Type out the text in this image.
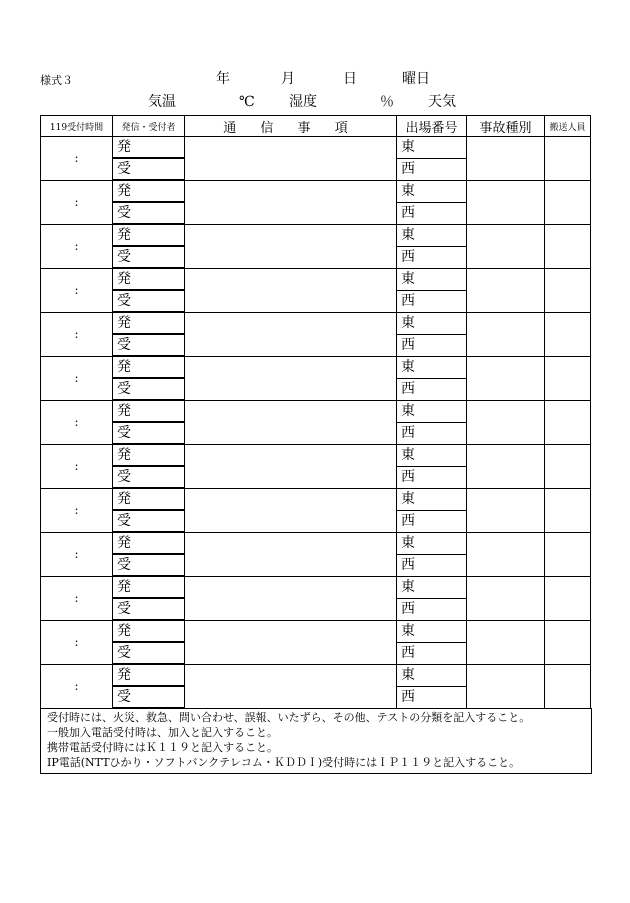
様式３	年	月	日	曜日
気温	℃ 湿度	％ 天気
119受付時間	発信・受付者	通 信 事 項	出場番号	事故種別	搬送人員
:	発		東		
	受		西		
:	発		東		
	受		西		
:	発		東		
	受		西		
:	発		東		
	受		西		
:	発		東		
	受		西		
:	発		東		
	受		西		
:	発		東		
	受		西		
:	発		東		
	受		西		
:	発		東		
	受		西		
:	発		東		
	受		西		
:	発		東		
	受		西		
:	発		東		
	受		西		
:	発		東		
	受		西		
受付時には、火災、救急、問い合わせ、誤報、いたずら、その他、テストの分類を記入すること。
一般加入電話受付時は、加入と記入すること。
携帯電話受付時にはＫ１１９と記入すること。
IP電話(NTTひかり・ソフトバンクテレコム・ＫＤＤＩ)受付時にはＩＰ１１９と記入すること。
